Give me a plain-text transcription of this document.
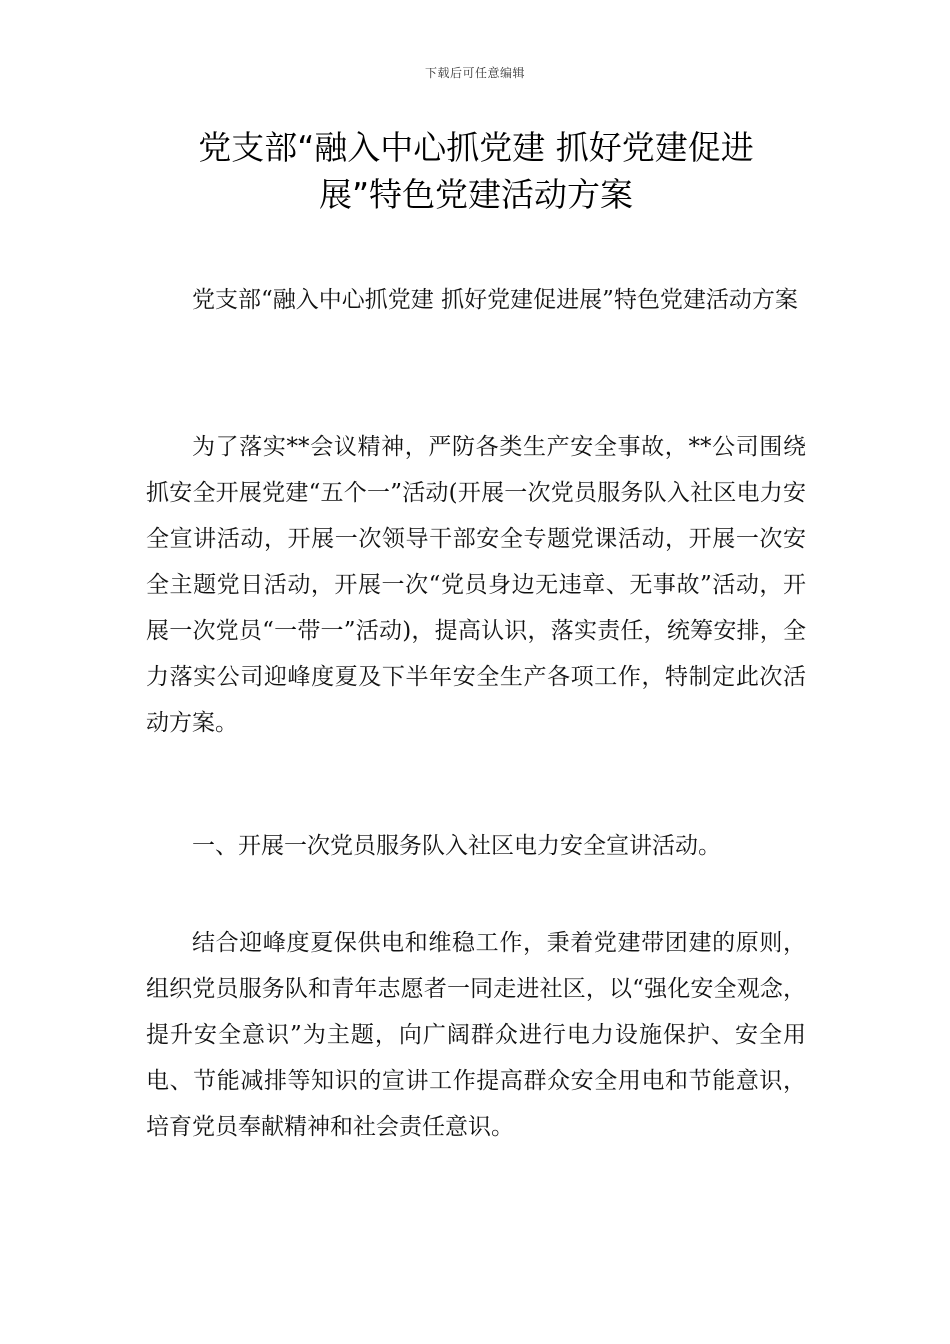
下载后可任意编辑
党支部“融入中心抓党建 抓好党建促进
展”特色党建活动方案

党支部“融入中心抓党建 抓好党建促进展”特色党建活动方案

为了落实**会议精神，严防各类生产安全事故，**公司围绕抓安全开展党建“五个一”活动(开展一次党员服务队入社区电力安全宣讲活动，开展一次领导干部安全专题党课活动，开展一次安全主题党日活动，开展一次“党员身边无违章、无事故”活动，开展一次党员“一带一”活动)，提高认识，落实责任，统筹安排，全力落实公司迎峰度夏及下半年安全生产各项工作，特制定此次活动方案。

一、开展一次党员服务队入社区电力安全宣讲活动。

结合迎峰度夏保供电和维稳工作，秉着党建带团建的原则，组织党员服务队和青年志愿者一同走进社区，以“强化安全观念，提升安全意识”为主题，向广阔群众进行电力设施保护、安全用电、节能减排等知识的宣讲工作提高群众安全用电和节能意识，培育党员奉献精神和社会责任意识。
